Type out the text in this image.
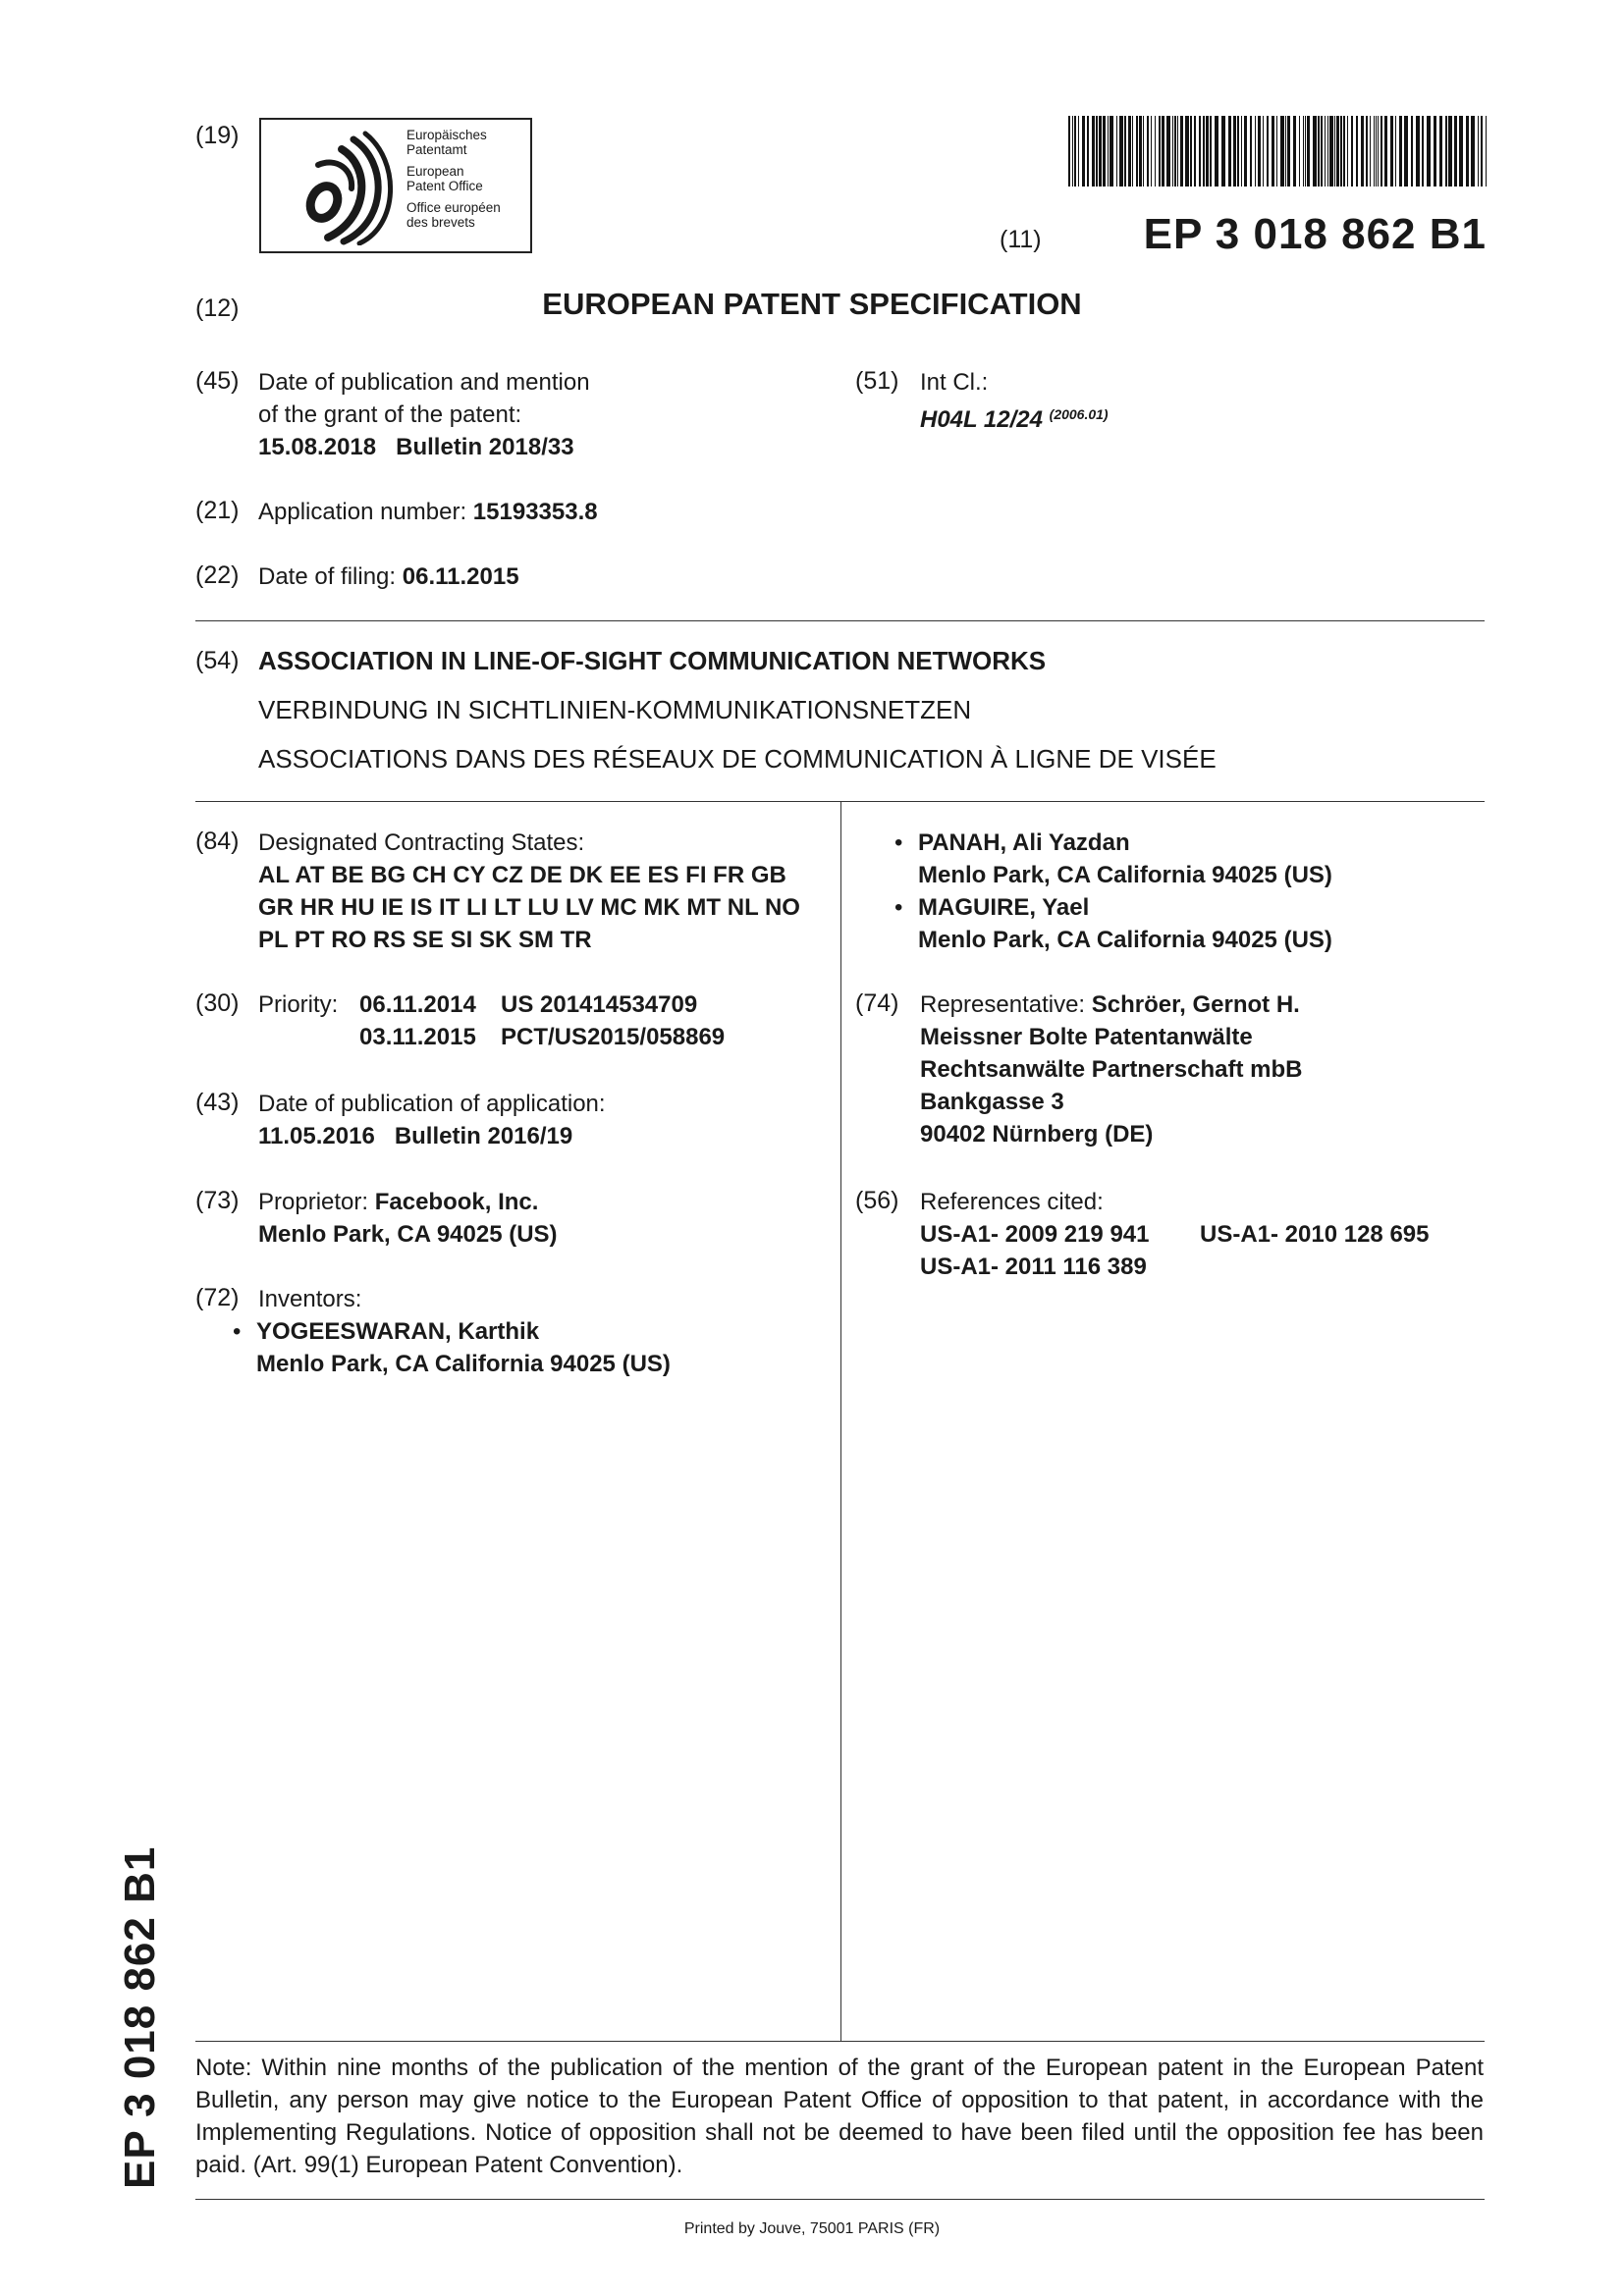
(19)	Europäisches
Patentamt
European
Patent Office
Office européen
des brevets
(11) EP 3 018 862 B1
(12)	EUROPEAN PATENT SPECIFICATION
(45) Date of publication and mention
of the grant of the patent:
15.08.2018 Bulletin 2018/33
(51) Int Cl.:
H04L 12/24 $^{(2006.01)}$
(21) Application number: 15193353.8
(22) Date of filing: 06.11.2015
(54) ASSOCIATION IN LINE-OF-SIGHT COMMUNICATION NETWORKS
VERBINDUNG IN SICHTLINIEN-KOMMUNIKATIONSNETZEN
ASSOCIATIONS DANS DES RÉSEAUX DE COMMUNICATION À LIGNE DE VISÉE
(84) Designated Contracting States:
AL AT BE BG CH CY CZ DE DK EE ES FI FR GB
GR HR HU IE IS IT LI LT LU LV MC MK MT NL NO
PL PT RO RS SE SI SK SM TR
(30) Priority: 06.11.2014 US 201414534709
03.11.2015 PCT/US2015/058869
(43) Date of publication of application:
11.05.2016 Bulletin 2016/19
(73) Proprietor: Facebook, Inc.
Menlo Park, CA 94025 (US)
(72) Inventors:
• YOGEESWARAN, Karthik
Menlo Park, CA California 94025 (US)
• PANAH, Ali Yazdan
Menlo Park, CA California 94025 (US)
• MAGUIRE, Yael
Menlo Park, CA California 94025 (US)
(74) Representative: Schröer, Gernot H.
Meissner Bolte Patentanwälte
Rechtsanwälte Partnerschaft mbB
Bankgasse 3
90402 Nürnberg (DE)
(56) References cited:
US-A1- 2009 219 941 US-A1- 2010 128 695
US-A1- 2011 116 389
EP 3 018 862 B1 Note: Within nine months of the publication of the mention of the grant of the European patent in the European Patent Bulletin, any person may give notice to the European Patent Office of opposition to that patent, in accordance with the Implementing Regulations. Notice of opposition shall not be deemed to have been filed until the opposition fee has been paid. (Art. 99(1) European Patent Convention).
Printed by Jouve, 75001 PARIS (FR)
